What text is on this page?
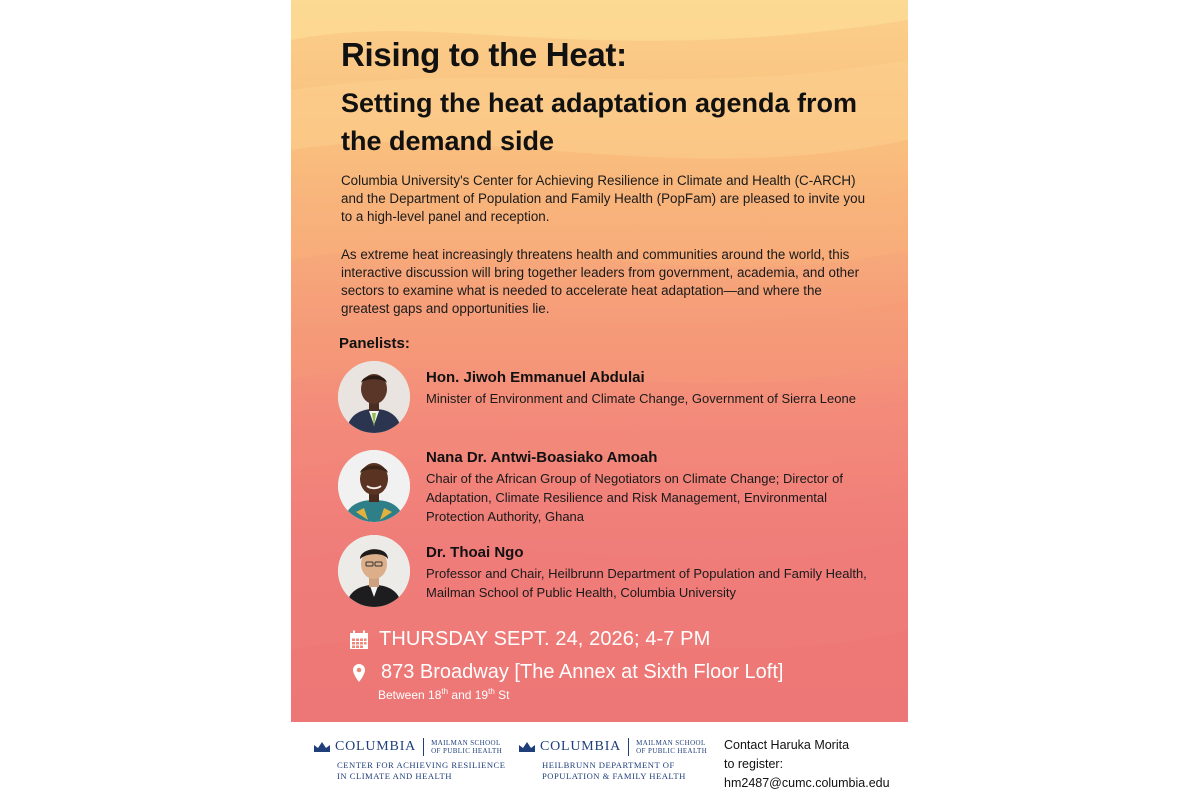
Rising to the Heat:
Setting the heat adaptation agenda from the demand side
Columbia University's Center for Achieving Resilience in Climate and Health (C-ARCH) and the Department of Population and Family Health (PopFam) are pleased to invite you to a high-level panel and reception.
As extreme heat increasingly threatens health and communities around the world, this interactive discussion will bring together leaders from government, academia, and other sectors to examine what is needed to accelerate heat adaptation—and where the greatest gaps and opportunities lie.
Panelists:
Hon. Jiwoh Emmanuel Abdulai
Minister of Environment and Climate Change, Government of Sierra Leone
Nana Dr. Antwi-Boasiako Amoah
Chair of the African Group of Negotiators on Climate Change; Director of Adaptation, Climate Resilience and Risk Management, Environmental Protection Authority, Ghana
Dr. Thoai Ngo
Professor and Chair, Heilbrunn Department of Population and Family Health, Mailman School of Public Health, Columbia University
THURSDAY SEPT. 24, 2026; 4-7 PM
873 Broadway [The Annex at Sixth Floor Loft]
Between 18th and 19th St
COLUMBIA MAILMAN SCHOOL
OF PUBLIC HEALTH
CENTER FOR ACHIEVING RESILIENCE
IN CLIMATE AND HEALTH
COLUMBIA MAILMAN SCHOOL
OF PUBLIC HEALTH
HEILBRUNN DEPARTMENT OF
POPULATION & FAMILY HEALTH
Contact Haruka Morita
to register:
hm2487@cumc.columbia.edu
